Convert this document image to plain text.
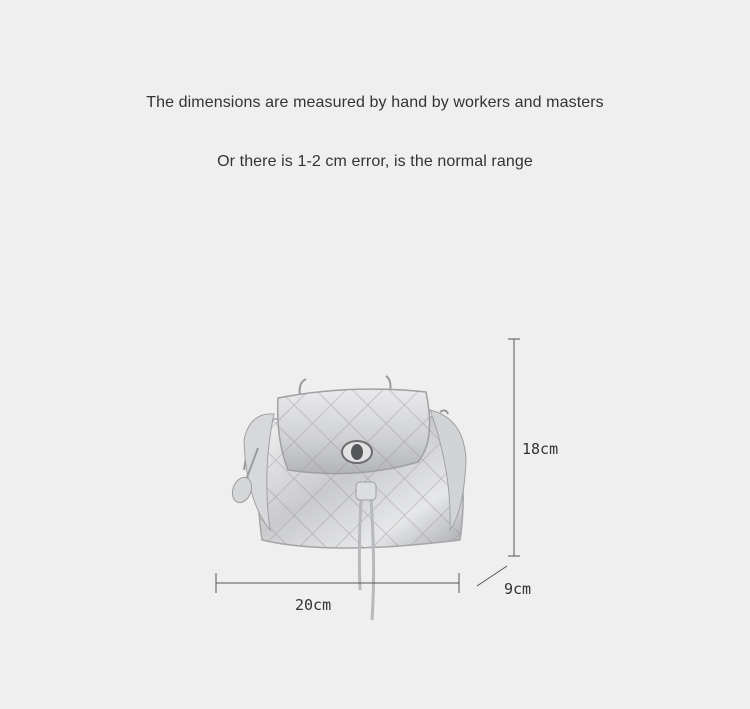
The dimensions are measured by hand by workers and masters
Or there is 1-2 cm error, is the normal range
18cm
9cm
20cm
